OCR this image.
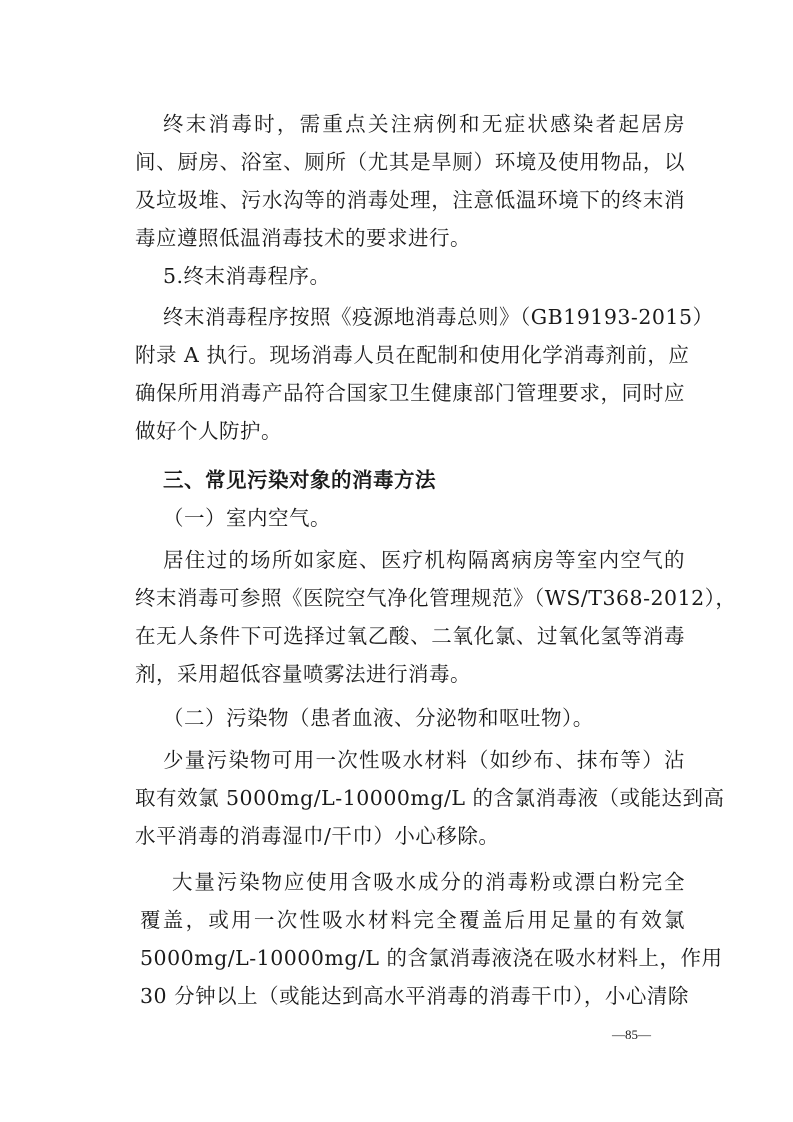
终末消毒时，需重点关注病例和无症状感染者起居房
间、厨房、浴室、厕所（尤其是旱厕）环境及使用物品，以
及垃圾堆、污水沟等的消毒处理，注意低温环境下的终末消
毒应遵照低温消毒技术的要求进行。
5.终末消毒程序。
终末消毒程序按照《疫源地消毒总则》（GB19193-2015）
附录 A 执行。现场消毒人员在配制和使用化学消毒剂前，应
确保所用消毒产品符合国家卫生健康部门管理要求，同时应
做好个人防护。
三、常见污染对象的消毒方法
（一）室内空气。
居住过的场所如家庭、医疗机构隔离病房等室内空气的
终末消毒可参照《医院空气净化管理规范》（WS/T368-2012），
在无人条件下可选择过氧乙酸、二氧化氯、过氧化氢等消毒
剂，采用超低容量喷雾法进行消毒。
（二）污染物（患者血液、分泌物和呕吐物）。
少量污染物可用一次性吸水材料（如纱布、抹布等）沾
取有效氯 5000mg/L-10000mg/L 的含氯消毒液（或能达到高
水平消毒的消毒湿巾/干巾）小心移除。
大量污染物应使用含吸水成分的消毒粉或漂白粉完全
覆盖，或用一次性吸水材料完全覆盖后用足量的有效氯
5000mg/L-10000mg/L 的含氯消毒液浇在吸水材料上，作用
30 分钟以上（或能达到高水平消毒的消毒干巾），小心清除
—85—
